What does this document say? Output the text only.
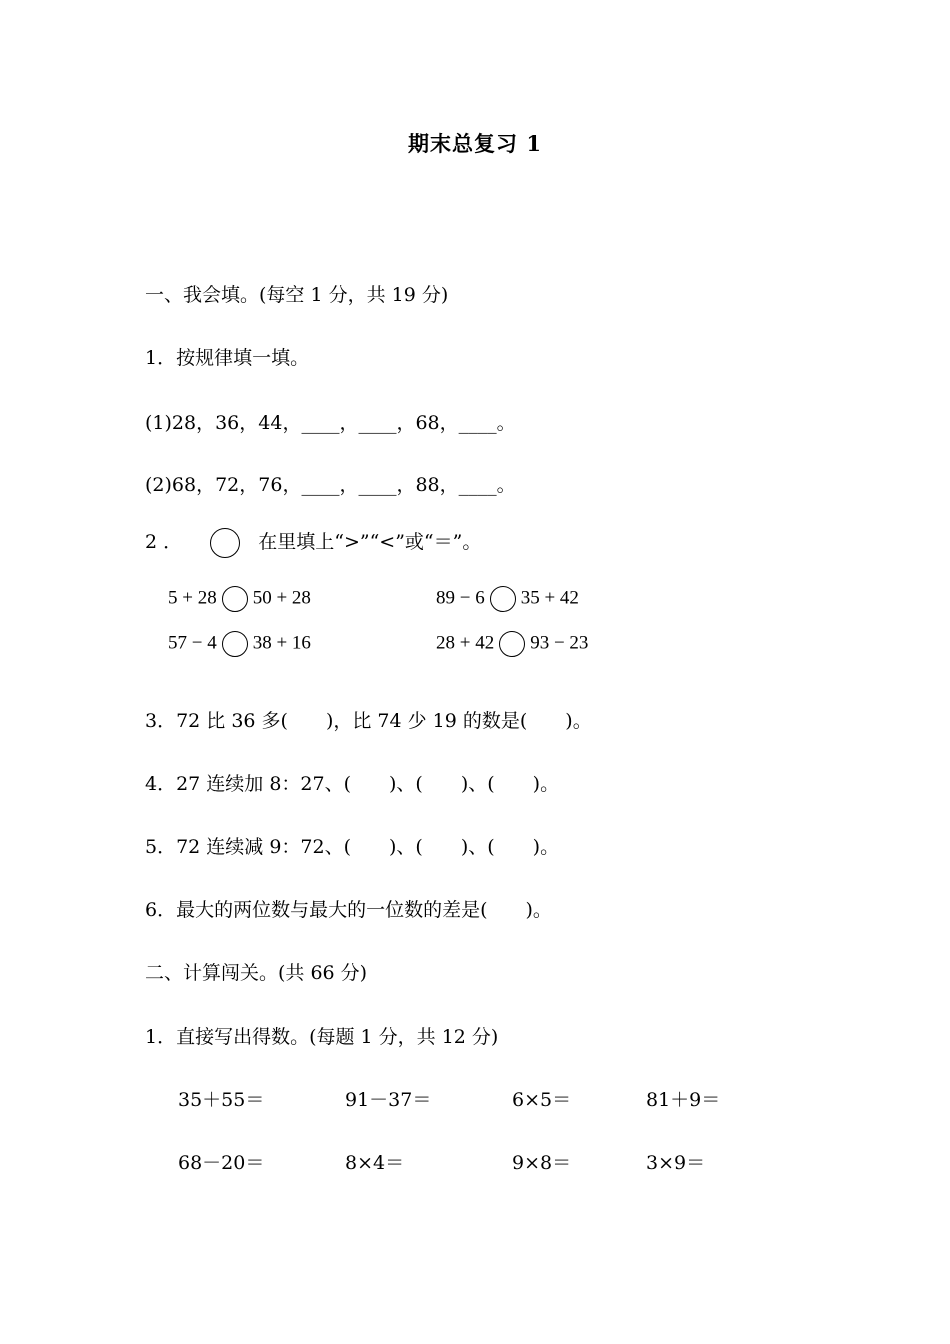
期末总复习 1
一、我会填。(每空 1 分，共 19 分)
1．按规律填一填。
(1)28，36，44，____，____，68，____。
(2)68，72，76，____，____，88，____。
2 ．	在里填上“>”“<”或“＝”。
5 + 28 50 + 28	89 − 6 35 + 42
57 − 4 38 + 16	28 + 42 93 − 23
3．72 比 36 多(　　)，比 74 少 19 的数是(　　)。
4．27 连续加 8：27、(　　)、(　　)、(　　)。
5．72 连续减 9：72、(　　)、(　　)、(　　)。
6．最大的两位数与最大的一位数的差是(　　)。
二、计算闯关。(共 66 分)
1．直接写出得数。(每题 1 分，共 12 分)
35＋55＝	91－37＝	6×5＝	81＋9＝
68－20＝	8×4＝	9×8＝	3×9＝
